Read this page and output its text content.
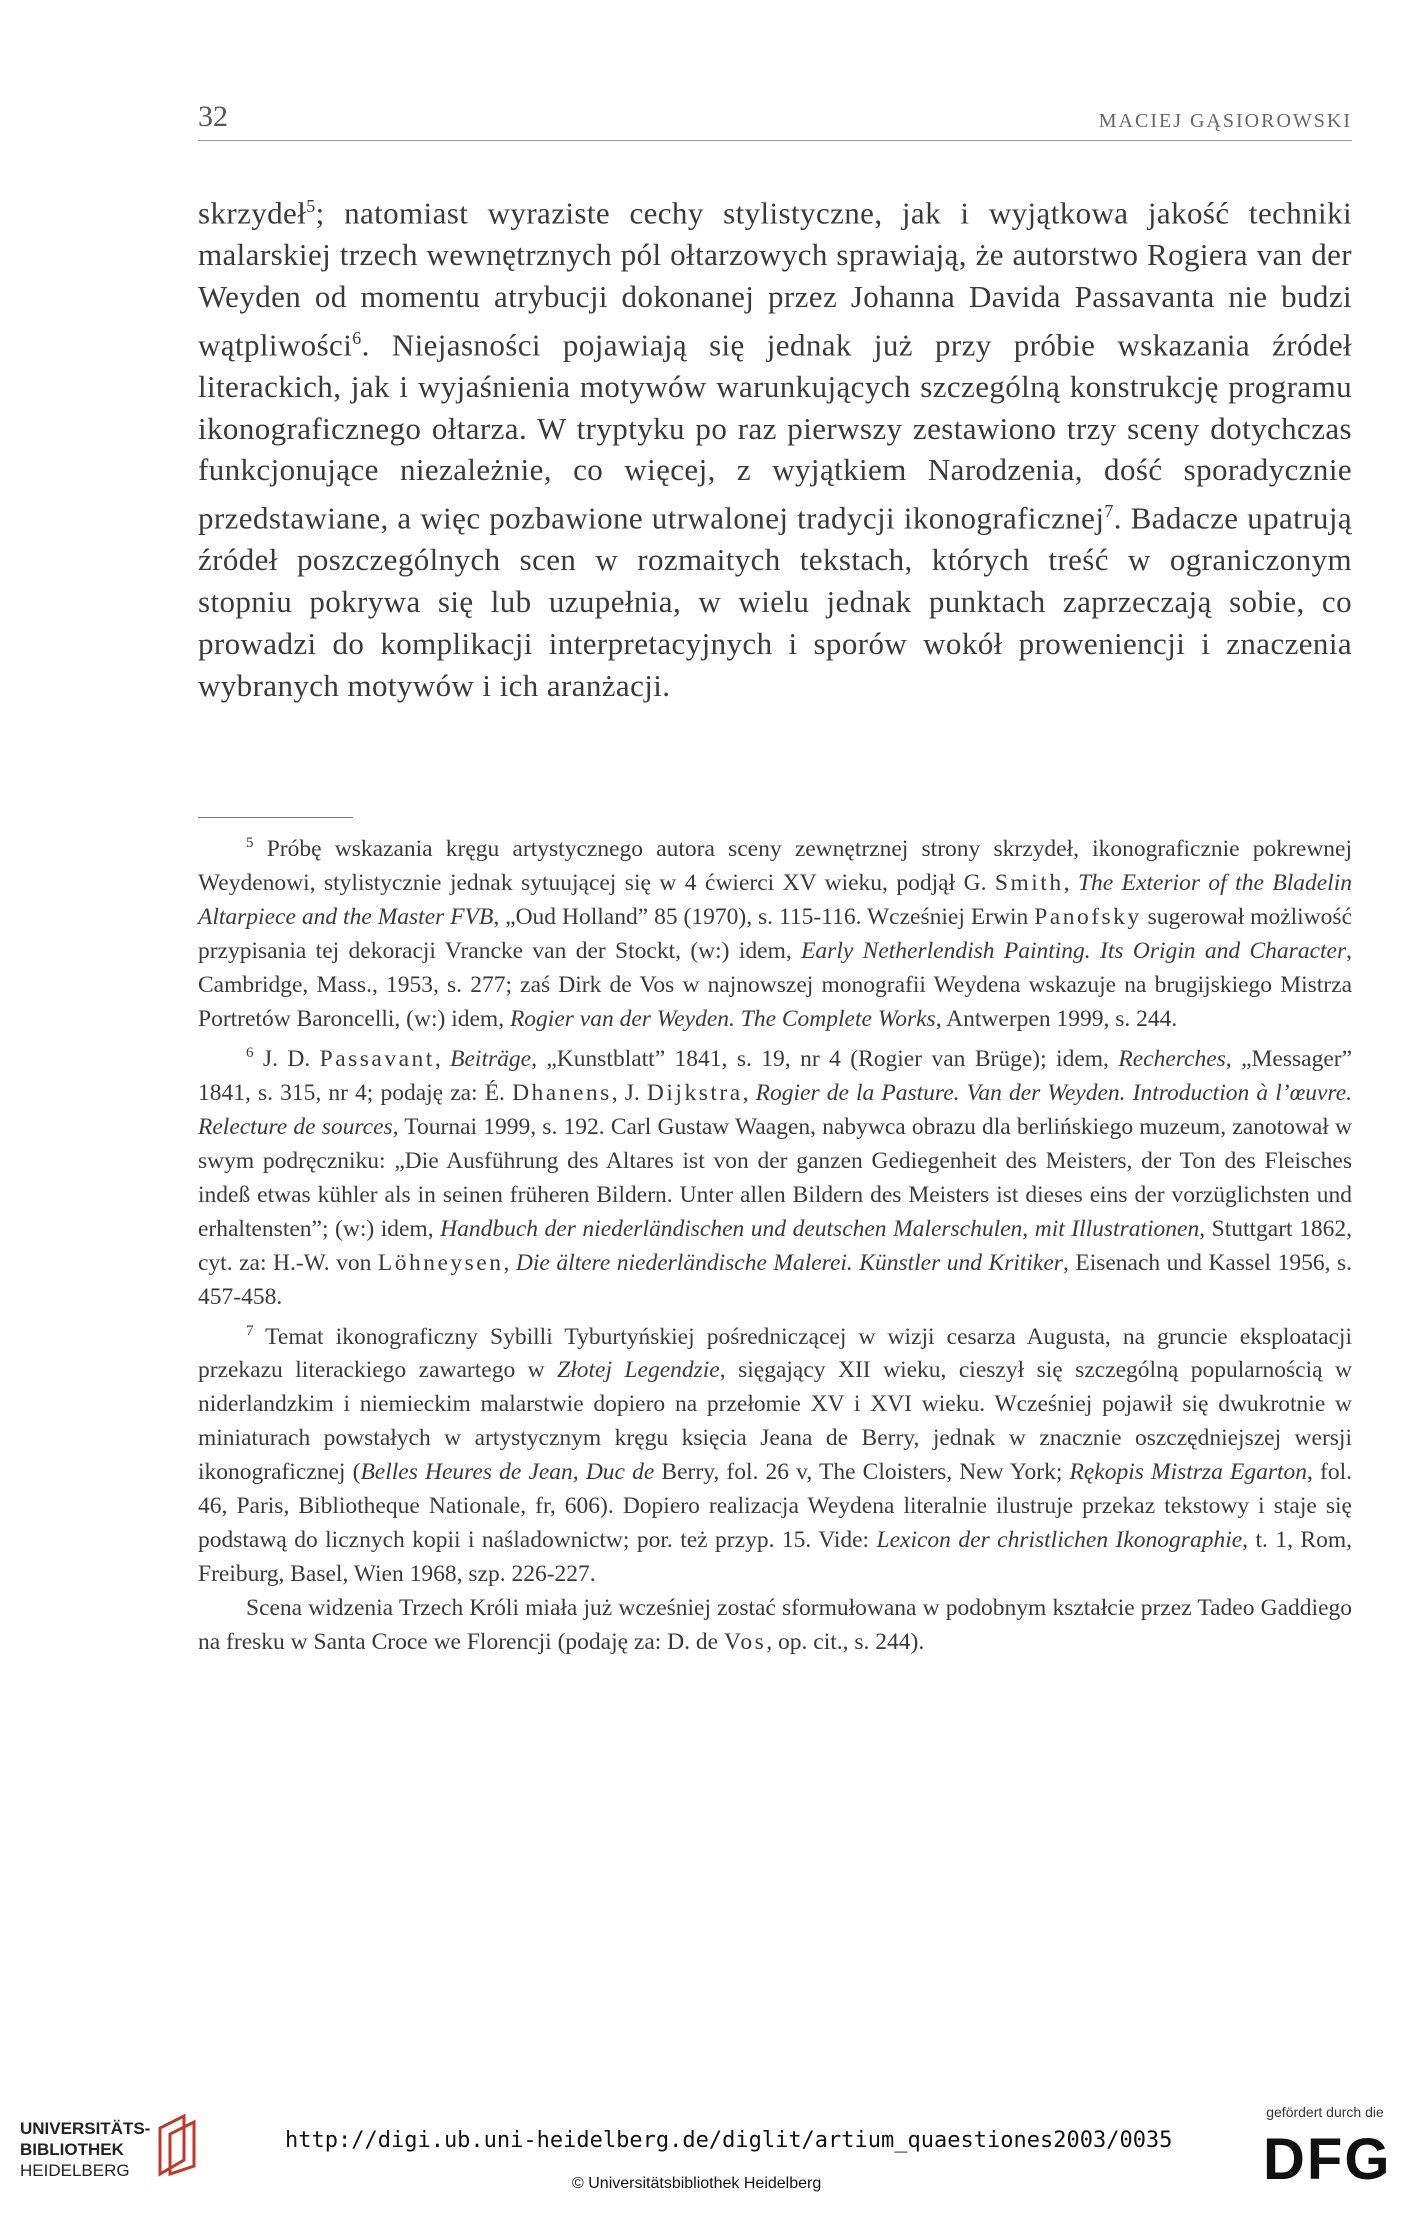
32	MACIEJ GĄSIOROWSKI

skrzydeł$^5$; natomiast wyraziste cechy stylistyczne, jak i wyjątkowa jakość techniki malarskiej trzech wewnętrznych pól ołtarzowych sprawiają, że autorstwo Rogiera van der Weyden od momentu atrybucji dokonanej przez Johanna Davida Passavanta nie budzi wątpliwości$^6$. Niejasności pojawiają się jednak już przy próbie wskazania źródeł literackich, jak i wyjaśnienia motywów warunkujących szczególną konstrukcję programu ikonograficznego ołtarza. W tryptyku po raz pierwszy zestawiono trzy sceny dotychczas funkcjonujące niezależnie, co więcej, z wyjątkiem Narodzenia, dość sporadycznie przedstawiane, a więc pozbawione utrwalonej tradycji ikonograficznej$^7$. Badacze upatrują źródeł poszczególnych scen w rozmaitych tekstach, których treść w ograniczonym stopniu pokrywa się lub uzupełnia, w wielu jednak punktach zaprzeczają sobie, co prowadzi do komplikacji interpretacyjnych i sporów wokół proweniencji i znaczenia wybranych motywów i ich aranżacji.

$^5$ Próbę wskazania kręgu artystycznego autora sceny zewnętrznej strony skrzydeł, ikonograficznie pokrewnej Weydenowi, stylistycznie jednak sytuującej się w 4 ćwierci XV wieku, podjął G. Smith, The Exterior of the Bladelin Altarpiece and the Master FVB, „Oud Holland” 85 (1970), s. 115-116. Wcześniej Erwin Panofsky sugerował możliwość przypisania tej dekoracji Vrancke van der Stockt, (w:) idem, Early Netherlendish Painting. Its Origin and Character, Cambridge, Mass., 1953, s. 277; zaś Dirk de Vos w najnowszej monografii Weydena wskazuje na brugijskiego Mistrza Portretów Baroncelli, (w:) idem, Rogier van der Weyden. The Complete Works, Antwerpen 1999, s. 244.

$^6$ J. D. Passavant, Beiträge, „Kunstblatt” 1841, s. 19, nr 4 (Rogier van Brüge); idem, Recherches, „Messager” 1841, s. 315, nr 4; podaję za: É. Dhanens, J. Dijkstra, Rogier de la Pasture. Van der Weyden. Introduction à l’œuvre. Relecture de sources, Tournai 1999, s. 192. Carl Gustaw Waagen, nabywca obrazu dla berlińskiego muzeum, zanotował w swym podręczniku: „Die Ausführung des Altares ist von der ganzen Gediegenheit des Meisters, der Ton des Fleisches indeß etwas kühler als in seinen früheren Bildern. Unter allen Bildern des Meisters ist dieses eins der vorzüglichsten und erhaltensten”; (w:) idem, Handbuch der niederländischen und deutschen Malerschulen, mit Illustrationen, Stuttgart 1862, cyt. za: H.-W. von Löhneysen, Die ältere niederländische Malerei. Künstler und Kritiker, Eisenach und Kassel 1956, s. 457-458.

$^7$ Temat ikonograficzny Sybilli Tyburtyńskiej pośredniczącej w wizji cesarza Augusta, na gruncie eksploatacji przekazu literackiego zawartego w Złotej Legendzie, sięgający XII wieku, cieszył się szczególną popularnością w niderlandzkim i niemieckim malarstwie dopiero na przełomie XV i XVI wieku. Wcześniej pojawił się dwukrotnie w miniaturach powstałych w artystycznym kręgu księcia Jeana de Berry, jednak w znacznie oszczędniejszej wersji ikonograficznej (Belles Heures de Jean, Duc de Berry, fol. 26 v, The Cloisters, New York; Rękopis Mistrza Egarton, fol. 46, Paris, Bibliotheque Nationale, fr, 606). Dopiero realizacja Weydena literalnie ilustruje przekaz tekstowy i staje się podstawą do licznych kopii i naśladownictw; por. też przyp. 15. Vide: Lexicon der christlichen Ikonographie, t. 1, Rom, Freiburg, Basel, Wien 1968, szp. 226-227.

Scena widzenia Trzech Króli miała już wcześniej zostać sformułowana w podobnym kształcie przez Tadeo Gaddiego na fresku w Santa Croce we Florencji (podaję za: D. de Vos, op. cit., s. 244).

UNIVERSITÄTS-
BIBLIOTHEK
HEIDELBERG
http://digi.ub.uni-heidelberg.de/diglit/artium_quaestiones2003/0035
© Universitätsbibliothek Heidelberg
gefördert durch die
DFG
